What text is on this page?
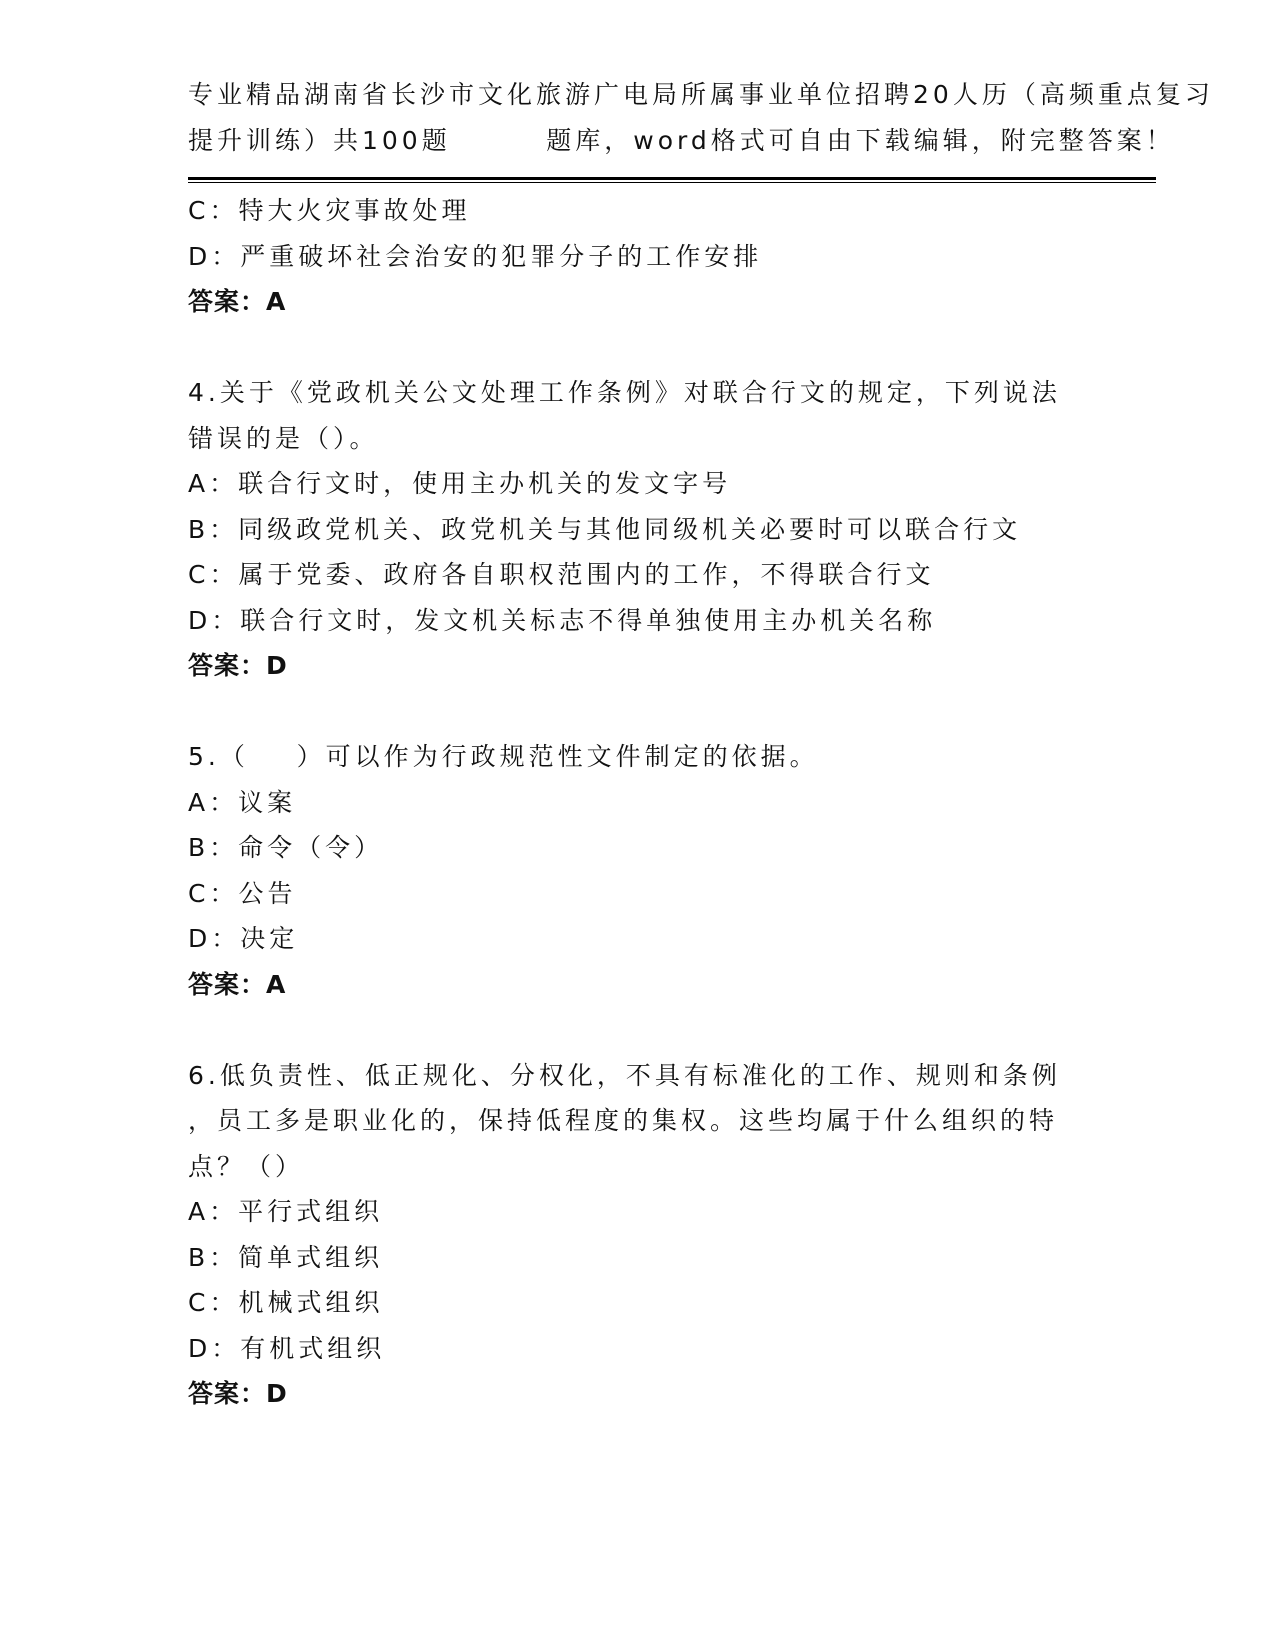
专业精品湖南省长沙市文化旅游广电局所属事业单位招聘20人历（高频重点复习
提升训练）共100题        题库，word格式可自由下载编辑，附完整答案！
C：特大火灾事故处理
D：严重破坏社会治安的犯罪分子的工作安排
答案：A
4.关于《党政机关公文处理工作条例》对联合行文的规定，下列说法
错误的是（）。
A：联合行文时，使用主办机关的发文字号
B：同级政党机关、政党机关与其他同级机关必要时可以联合行文
C：属于党委、政府各自职权范围内的工作，不得联合行文
D：联合行文时，发文机关标志不得单独使用主办机关名称
答案：D
5.（    ）可以作为行政规范性文件制定的依据。
A：议案
B：命令（令）
C：公告
D：决定
答案：A
6.低负责性、低正规化、分权化，不具有标准化的工作、规则和条例
，员工多是职业化的，保持低程度的集权。这些均属于什么组织的特
点？（）
A：平行式组织
B：简单式组织
C：机械式组织
D：有机式组织
答案：D
